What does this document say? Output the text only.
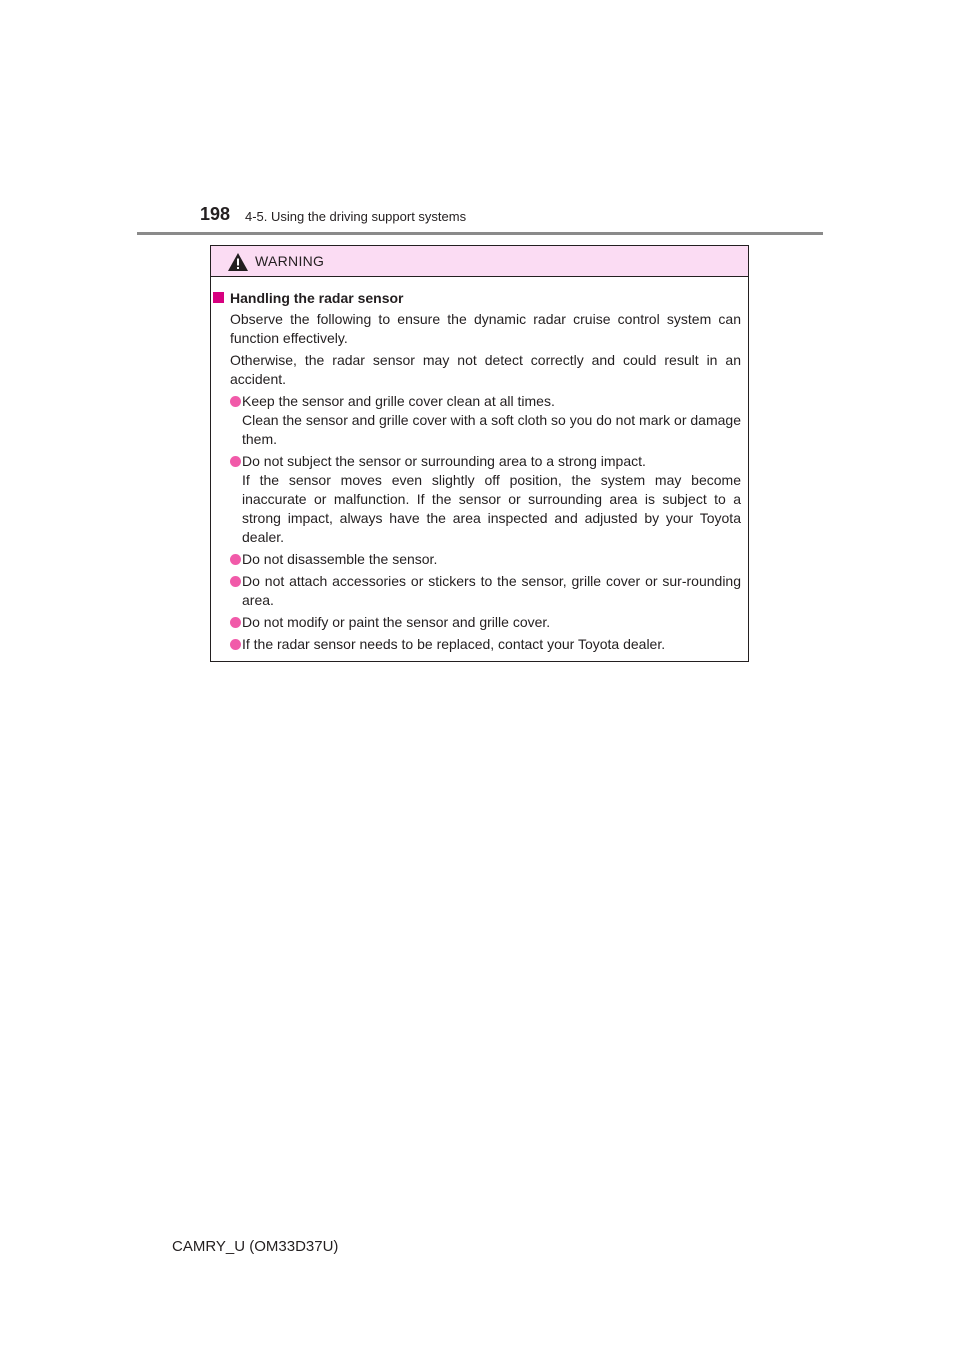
198 4-5. Using the driving support systems
WARNING
Handling the radar sensor

Observe the following to ensure the dynamic radar cruise control system can function effectively.

Otherwise, the radar sensor may not detect correctly and could result in an accident.

Keep the sensor and grille cover clean at all times.
Clean the sensor and grille cover with a soft cloth so you do not mark or damage them.
Do not subject the sensor or surrounding area to a strong impact.
If the sensor moves even slightly off position, the system may become inaccurate or malfunction. If the sensor or surrounding area is subject to a strong impact, always have the area inspected and adjusted by your Toyota dealer.
Do not disassemble the sensor.
Do not attach accessories or stickers to the sensor, grille cover or sur-rounding area.
Do not modify or paint the sensor and grille cover.
If the radar sensor needs to be replaced, contact your Toyota dealer.
CAMRY_U (OM33D37U)
